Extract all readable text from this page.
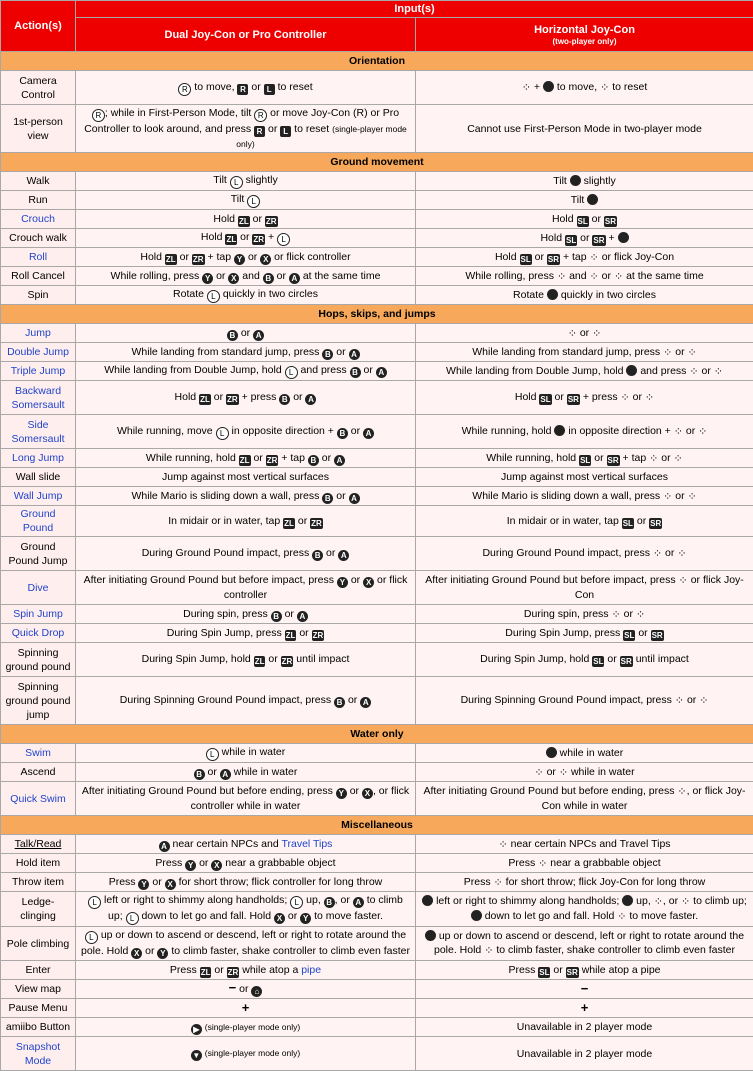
Action(s)	Input(s)	
	Dual Joy-Con or Pro Controller	Horizontal Joy-Con
(two-player only)

Orientation		
Camera Control	R to move, R or L to reset	⁘ + to move, ⁘ to reset
1st-person view	R ; while in First-Person Mode, tilt R or move Joy-Con (R) or Pro Controller to look around, and press R or L to reset (single-player mode only)	Cannot use First-Person Mode in two-player mode
Ground movement		
Walk	Tilt L slightly	Tilt slightly
Run	Tilt L	Tilt
Crouch	Hold ZL or ZR	Hold SL or SR
Crouch walk	Hold ZL or ZR + L	Hold SL or SR +
Roll	Hold ZL or ZR + tap Y or X or flick controller	Hold SL or SR + tap ⁘ or flick Joy-Con
Roll Cancel	While rolling, press Y or X and B or A at the same time	While rolling, press ⁘ and ⁘ or ⁘ at the same time
Spin	Rotate L quickly in two circles	Rotate quickly in two circles
Hops, skips, and jumps		
Jump	B or A	⁘ or ⁘
Double Jump	While landing from standard jump, press B or A	While landing from standard jump, press ⁘ or ⁘
Triple Jump	While landing from Double Jump, hold L and press B or A	While landing from Double Jump, hold and press ⁘ or ⁘
Backward Somersault	Hold ZL or ZR + press B or A	Hold SL or SR + press ⁘ or ⁘
Side Somersault	While running, move L in opposite direction + B or A	While running, hold in opposite direction + ⁘ or ⁘
Long Jump	While running, hold ZL or ZR + tap B or A	While running, hold SL or SR + tap ⁘ or ⁘
Wall slide	Jump against most vertical surfaces	Jump against most vertical surfaces
Wall Jump	While Mario is sliding down a wall, press B or A	While Mario is sliding down a wall, press ⁘ or ⁘
Ground Pound	In midair or in water, tap ZL or ZR	In midair or in water, tap SL or SR
Ground Pound Jump	During Ground Pound impact, press B or A	During Ground Pound impact, press ⁘ or ⁘
Dive	After initiating Ground Pound but before impact, press Y or X or flick controller	After initiating Ground Pound but before impact, press ⁘ or flick Joy-Con
Spin Jump	During spin, press B or A	During spin, press ⁘ or ⁘
Quick Drop	During Spin Jump, press ZL or ZR	During Spin Jump, press SL or SR
Spinning ground pound	During Spin Jump, hold ZL or ZR until impact	During Spin Jump, hold SL or SR until impact
Spinning ground pound jump	During Spinning Ground Pound impact, press B or A	During Spinning Ground Pound impact, press ⁘ or ⁘
Water only		
Swim	L while in water	while in water
Ascend	B or A while in water	⁘ or ⁘ while in water
Quick Swim	After initiating Ground Pound but before ending, press Y or X , or flick controller while in water	After initiating Ground Pound but before ending, press ⁘, or flick Joy-Con while in water
Miscellaneous		
Talk/Read	A near certain NPCs and Travel Tips	⁘ near certain NPCs and Travel Tips
Hold item	Press Y or X near a grabbable object	Press ⁘ near a grabbable object
Throw item	Press Y or X for short throw; flick controller for long throw	Press ⁘ for short throw; flick Joy-Con for long throw
Ledge-clinging	L left or right to shimmy along handholds; L up, B , or A to climb up; L down to let go and fall. Hold X or Y to move faster.	left or right to shimmy along handholds; up, ⁘, or ⁘ to climb up;  down to let go and fall. Hold ⁘ to move faster.
Pole climbing	L up or down to ascend or descend, left or right to rotate around the pole. Hold X or Y to climb faster, shake controller to climb even faster	up or down to ascend or descend, left or right to rotate around the pole. Hold ⁘ to climb faster, shake controller to climb even faster
Enter	Press ZL or ZR while atop a pipe	Press SL or SR while atop a pipe
View map	− or ⌂	−
Pause Menu	+	+
amiibo Button	▶ (single-player mode only)	Unavailable in 2 player mode
Snapshot Mode	▼ (single-player mode only)	Unavailable in 2 player mode
